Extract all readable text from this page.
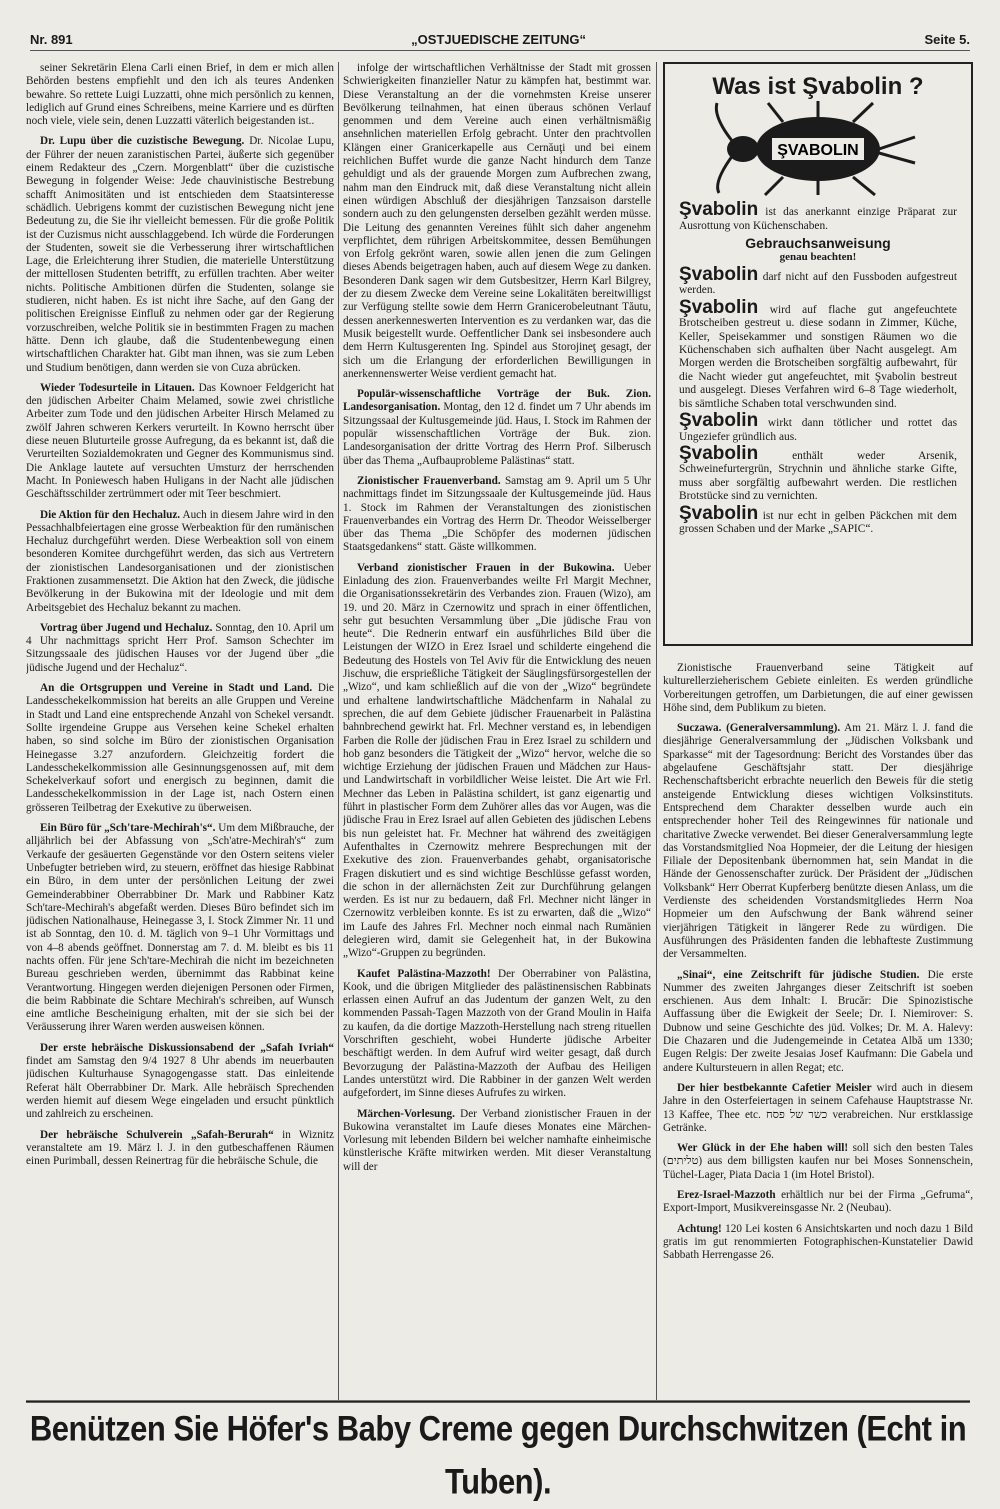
Nr. 891	„OSTJUEDISCHE ZEITUNG“	Seite 5.

seiner Sekretärin Elena Carli einen Brief, in dem er mich allen Behörden bestens empfiehlt und den ich als teures Andenken bewahre. So rettete Luigi Luzzatti, ohne mich persönlich zu kennen, lediglich auf Grund eines Schreibens, meine Karriere und es dürften noch viele, viele sein, denen Luzzatti väterlich beigestanden ist..

Dr. Lupu über die cuzistische Bewegung. Dr. Nicolae Lupu, der Führer der neuen zaranistischen Partei, äußerte sich gegenüber einem Redakteur des „Czern. Morgenblatt“ über die cuzistische Bewegung in folgender Weise: Jede chauvinistische Bestrebung schafft Animositäten und ist entschieden dem Staatsinteresse schädlich. Uebrigens kommt der cuzistischen Bewegung nicht jene Bedeutung zu, die Sie ihr vielleicht bemessen. Für die große Politik ist der Cuzismus nicht ausschlaggebend. Ich würde die Forderungen der Studenten, soweit sie die Verbesserung ihrer wirtschaftlichen Lage, die Erleichterung ihrer Studien, die materielle Unterstützung der mittellosen Studenten betrifft, zu erfüllen trachten. Aber weiter nichts. Politische Ambitionen dürfen die Studenten, solange sie studieren, nicht haben. Es ist nicht ihre Sache, auf den Gang der politischen Ereignisse Einfluß zu nehmen oder gar der Regierung vorzuschreiben, welche Politik sie in bestimmten Fragen zu machen hätte. Denn ich glaube, daß die Studentenbewegung einen wirtschaftlichen Charakter hat. Gibt man ihnen, was sie zum Leben und Studium benötigen, dann werden sie von Cuza abrücken.

Wieder Todesurteile in Litauen. Das Kownoer Feldgericht hat den jüdischen Arbeiter Chaim Melamed, sowie zwei christliche Arbeiter zum Tode und den jüdischen Arbeiter Hirsch Melamed zu zwölf Jahren schweren Kerkers verurteilt. In Kowno herrscht über diese neuen Bluturteile grosse Aufregung, da es bekannt ist, daß die Verurteilten Sozialdemokraten und Gegner des Kommunismus sind. Die Anklage lautete auf versuchten Umsturz der herrschenden Macht. In Poniewesch haben Huligans in der Nacht alle jüdischen Geschäftsschilder zertrümmert oder mit Teer beschmiert.

Die Aktion für den Hechaluz. Auch in diesem Jahre wird in den Pessachhalbfeiertagen eine grosse Werbeaktion für den rumänischen Hechaluz durchgeführt werden. Diese Werbeaktion soll von einem besonderen Komitee durchgeführt werden, das sich aus Vertretern der zionistischen Landesorganisationen und der zionistischen Fraktionen zusammensetzt. Die Aktion hat den Zweck, die jüdische Bevölkerung in der Bukowina mit der Ideologie und mit dem Arbeitsgebiet des Hechaluz bekannt zu machen.

Vortrag über Jugend und Hechaluz. Sonntag, den 10. April um 4 Uhr nachmittags spricht Herr Prof. Samson Schechter im Sitzungssaale des jüdischen Hauses vor der Jugend über „die jüdische Jugend und der Hechaluz“.

An die Ortsgruppen und Vereine in Stadt und Land. Die Landesschekelkommission hat bereits an alle Gruppen und Vereine in Stadt und Land eine entsprechende Anzahl von Schekel versandt. Sollte irgendeine Gruppe aus Versehen keine Schekel erhalten haben, so sind solche im Büro der zionistischen Organisation Heinegasse 3.27 anzufordern. Gleichzeitig fordert die Landesschekelkommission alle Gesinnungsgenossen auf, mit dem Schekelverkauf sofort und energisch zu beginnen, damit die Landesschekelkommission in der Lage ist, nach Ostern einen grösseren Teilbetrag der Exekutive zu überweisen.

Ein Büro für „Sch'tare-Mechirah's“. Um dem Mißbrauche, der alljährlich bei der Abfassung von „Sch'atre-Mechirah's“ zum Verkaufe der gesäuerten Gegenstände vor den Ostern seitens vieler Unbefugter betrieben wird, zu steuern, eröffnet das hiesige Rabbinat ein Büro, in dem unter der persönlichen Leitung der zwei Gemeinderabbiner Oberrabbiner Dr. Mark und Rabbiner Katz Sch'tare-Mechirah's abgefaßt werden. Dieses Büro befindet sich im jüdischen Nationalhause, Heinegasse 3, I. Stock Zimmer Nr. 11 und ist ab Sonntag, den 10. d. M. täglich von 9–1 Uhr Vormittags und von 4–8 abends geöffnet. Donnerstag am 7. d. M. bleibt es bis 11 nachts offen. Für jene Sch'tare-Mechirah die nicht im bezeichneten Bureau geschrieben werden, übernimmt das Rabbinat keine Verantwortung. Hingegen werden diejenigen Personen oder Firmen, die beim Rabbinate die Schtare Mechirah's schreiben, auf Wunsch eine amtliche Bescheinigung erhalten, mit der sie sich bei der Veräusserung ihrer Waren werden ausweisen können.

Der erste hebräische Diskussionsabend der „Safah Ivriah“ findet am Samstag den 9/4 1927 8 Uhr abends im neuerbauten jüdischen Kulturhause Synagogengasse statt. Das einleitende Referat hält Oberrabbiner Dr. Mark. Alle hebräisch Sprechenden werden hiemit auf diesem Wege eingeladen und ersucht pünktlich und zahlreich zu erscheinen.

Der hebräische Schulverein „Safah-Berurah“ in Wiznitz veranstaltete am 19. März l. J. in den gutbeschaffenen Räumen einen Purimball, dessen Reinertrag für die hebräische Schule, die

infolge der wirtschaftlichen Verhältnisse der Stadt mit grossen Schwierigkeiten finanzieller Natur zu kämpfen hat, bestimmt war. Diese Veranstaltung an der die vornehmsten Kreise unserer Bevölkerung teilnahmen, hat einen überaus schönen Verlauf genommen und dem Vereine auch einen verhältnismäßig ansehnlichen materiellen Erfolg gebracht. Unter den prachtvollen Klängen einer Granicerkapelle aus Cernăuţi und bei einem reichlichen Buffet wurde die ganze Nacht hindurch dem Tanze gehuldigt und als der grauende Morgen zum Aufbrechen zwang, nahm man den Eindruck mit, daß diese Veranstaltung nicht allein einen würdigen Abschluß der diesjährigen Tanzsaison darstelle sondern auch zu den gelungensten derselben gezählt werden müsse. Die Leitung des genannten Vereines fühlt sich daher angenehm verpflichtet, dem rührigen Arbeitskommitee, dessen Bemühungen von Erfolg gekrönt waren, sowie allen jenen die zum Gelingen dieses Abends beigetragen haben, auch auf diesem Wege zu danken. Besonderen Dank sagen wir dem Gutsbesitzer, Herrn Karl Bilgrey, der zu diesem Zwecke dem Vereine seine Lokalitäten bereitwilligst zur Verfügung stellte sowie dem Herrn Granicerobeleutnant Tăutu, dessen anerkenneswerten Intervention es zu verdanken war, das die Musik beigestellt wurde. Oeffentlicher Dank sei insbesondere auch dem Herrn Kultusgerenten Ing. Spindel aus Storojineţ gesagt, der sich um die Erlangung der erforderlichen Bewilligungen in anerkennenswerter Weise verdient gemacht hat.

Populär-wissenschaftliche Vorträge der Buk. Zion. Landesorganisation. Montag, den 12 d. findet um 7 Uhr abends im Sitzungssaal der Kultusgemeinde jüd. Haus, I. Stock im Rahmen der populär wissenschaftlichen Vorträge der Buk. zion. Landesorganisation der dritte Vortrag des Herrn Prof. Silberusch über das Thema „Aufbauprobleme Palästinas“ statt.

Zionistischer Frauenverband. Samstag am 9. April um 5 Uhr nachmittags findet im Sitzungssaale der Kultusgemeinde jüd. Haus 1. Stock im Rahmen der Veranstaltungen des zionistischen Frauenverbandes ein Vortrag des Herrn Dr. Theodor Weisselberger über das Thema „Die Schöpfer des modernen jüdischen Staatsgedankens“ statt. Gäste willkommen.

Verband zionistischer Frauen in der Bukowina. Ueber Einladung des zion. Frauenverbandes weilte Frl Margit Mechner, die Organisationssekretärin des Verbandes zion. Frauen (Wizo), am 19. und 20. März in Czernowitz und sprach in einer öffentlichen, sehr gut besuchten Versammlung über „Die jüdische Frau von heute“. Die Rednerin entwarf ein ausführliches Bild über die Leistungen der WIZO in Erez Israel und schilderte eingehend die Bedeutung des Hostels von Tel Aviv für die Entwicklung des neuen Jischuw, die ersprießliche Tätigkeit der Säuglingsfürsorgestellen der „Wizo“, und kam schließlich auf die von der „Wizo“ begründete und erhaltene landwirtschaftliche Mädchenfarm in Nahalal zu sprechen, die auf dem Gebiete jüdischer Frauenarbeit in Palästina bahnbrechend gewirkt hat. Frl. Mechner verstand es, in lebendigen Farben die Rolle der jüdischen Frau in Erez Israel zu schildern und hob ganz besonders die Tätigkeit der „Wizo“ hervor, welche die so wichtige Erziehung der jüdischen Frauen und Mädchen zur Haus- und Landwirtschaft in vorbildlicher Weise leistet. Die Art wie Frl. Mechner das Leben in Palästina schildert, ist ganz eigenartig und führt in plastischer Form dem Zuhörer alles das vor Augen, was die jüdische Frau in Erez Israel auf allen Gebieten des jüdischen Lebens bis nun geleistet hat. Fr. Mechner hat während des zweitägigen Aufenthaltes in Czernowitz mehrere Besprechungen mit der Exekutive des zion. Frauenverbandes gehabt, organisatorische Fragen diskutiert und es sind wichtige Beschlüsse gefasst worden, die schon in der allernächsten Zeit zur Durchführung gelangen werden. Es ist nur zu bedauern, daß Frl. Mechner nicht länger in Czernowitz verbleiben konnte. Es ist zu erwarten, daß die „Wizo“ im Laufe des Jahres Frl. Mechner noch einmal nach Rumänien delegieren wird, damit sie Gelegenheit hat, in der Bukowina „Wizo“-Gruppen zu begründen.

Kaufet Palästina-Mazzoth! Der Oberrabiner von Palästina, Kook, und die übrigen Mitglieder des palästinensischen Rabbinats erlassen einen Aufruf an das Judentum der ganzen Welt, zu den kommenden Passah-Tagen Mazzoth von der Grand Moulin in Haifa zu kaufen, da die dortige Mazzoth-Herstellung nach streng rituellen Vorschriften geschieht, wobei Hunderte jüdische Arbeiter beschäftigt werden. In dem Aufruf wird weiter gesagt, daß durch Bevorzugung der Palästina-Mazzoth der Aufbau des Heiligen Landes unterstützt wird. Die Rabbiner in der ganzen Welt werden aufgefordert, im Sinne dieses Aufrufes zu wirken.

Märchen-Vorlesung. Der Verband zionistischer Frauen in der Bukowina veranstaltet im Laufe dieses Monates eine Märchen-Vorlesung mit lebenden Bildern bei welcher namhafte einheimische künstlerische Kräfte mitwirken werden. Mit dieser Veranstaltung will der

Was ist Şvabolin ?
ŞVABOLIN
Şvabolin ist das anerkannt einzige Präparat zur Ausrottung von Küchenschaben.
Gebrauchsanweisung
genau beachten!
Şvabolin darf nicht auf den Fussboden aufgestreut werden.
Şvabolin wird auf flache gut angefeuchtete Brotscheiben gestreut u. diese sodann in Zimmer, Küche, Keller, Speisekammer und sonstigen Räumen wo die Küchenschaben sich aufhalten über Nacht ausgelegt. Am Morgen werden die Brotscheiben sorgfältig aufbewahrt, für die Nacht wieder gut angefeuchtet, mit Şvabolin bestreut und ausgelegt. Dieses Verfahren wird 6–8 Tage wiederholt, bis sämtliche Schaben total verschwunden sind.
Şvabolin wirkt dann tötlicher und rottet das Ungeziefer gründlich aus.
Şvabolin	enthält weder Arsenik, Schweinefurtergrün, Strychnin und ähnliche starke Gifte, muss aber sorgfältig aufbewahrt werden. Die restlichen Brotstücke sind zu vernichten.
Şvabolin ist nur echt in gelben Päckchen mit dem grossen Schaben und der Marke „SAPIC“.

Zionistische Frauenverband seine Tätigkeit auf kulturellerzieherischem Gebiete einleiten. Es werden gründliche Vorbereitungen getroffen, um Darbietungen, die auf einer gewissen Höhe sind, dem Publikum zu bieten.

Suczawa. (Generalversammlung). Am 21. März l. J. fand die diesjährige Generalversammlung der „Jüdischen Volksbank und Sparkasse“ mit der Tagesordnung: Bericht des Vorstandes über das abgelaufene Geschäftsjahr statt. Der diesjährige Rechenschaftsbericht erbrachte neuerlich den Beweis für die stetig ansteigende Entwicklung dieses wichtigen Volksinstituts. Entsprechend dem Charakter desselben wurde auch ein entsprechender hoher Teil des Reingewinnes für nationale und charitative Zwecke verwendet. Bei dieser Generalversammlung legte das Vorstandsmitglied Noa Hopmeier, der die Leitung der hiesigen Filiale der Depositenbank übernommen hat, sein Mandat in die Hände der Genossenschafter zurück. Der Präsident der „Jüdischen Volksbank“ Herr Oberrat Kupferberg benützte diesen Anlass, um die Verdienste des scheidenden Vorstandsmitgliedes Herrn Noa Hopmeier um den Aufschwung der Bank während seiner vierjährigen Tätigkeit in längerer Rede zu würdigen. Die Ausführungen des Präsidenten fanden die lebhafteste Zustimmung der Versammelten.

„Sinai“, eine Zeitschrift für jüdische Studien. Die erste Nummer des zweiten Jahrganges dieser Zeitschrift ist soeben erschienen. Aus dem Inhalt: I. Brucăr: Die Spinozistische Auffassung über die Ewigkeit der Seele; Dr. I. Niemirover: S. Dubnow und seine Geschichte des jüd. Volkes; Dr. M. A. Halevy: Die Chazaren und die Judengemeinde in Cetatea Albă um 1330; Eugen Relgis: Der zweite Jesaias Josef Kaufmann: Die Gabela und andere Kultursteuern in allen Regat; etc.

Der hier bestbekannte Cafetier Meisler wird auch in diesem Jahre in den Osterfeiertagen in seinem Cafehause Hauptstrasse Nr. 13 Kaffee, Thee etc. כשר של פסח verabreichen. Nur erstklassige Getränke.

Wer Glück in der Ehe haben will! soll sich den besten Tales (טליתים) aus dem billigsten kaufen nur bei Moses Sonnenschein, Tüchel-Lager, Piata Dacia 1 (im Hotel Bristol).

Erez-Israel-Mazzoth erhältlich nur bei der Firma „Gefruma“, Export-Import, Musikvereinsgasse Nr. 2 (Neubau).

Achtung! 120 Lei kosten 6 Ansichtskarten und noch dazu 1 Bild gratis im gut renommierten Fotographischen-Kunstatelier Dawid Sabbath Herrengasse 26.

Benützen Sie Höfer's Baby Creme gegen Durchschwitzen (Echt in Tuben).
